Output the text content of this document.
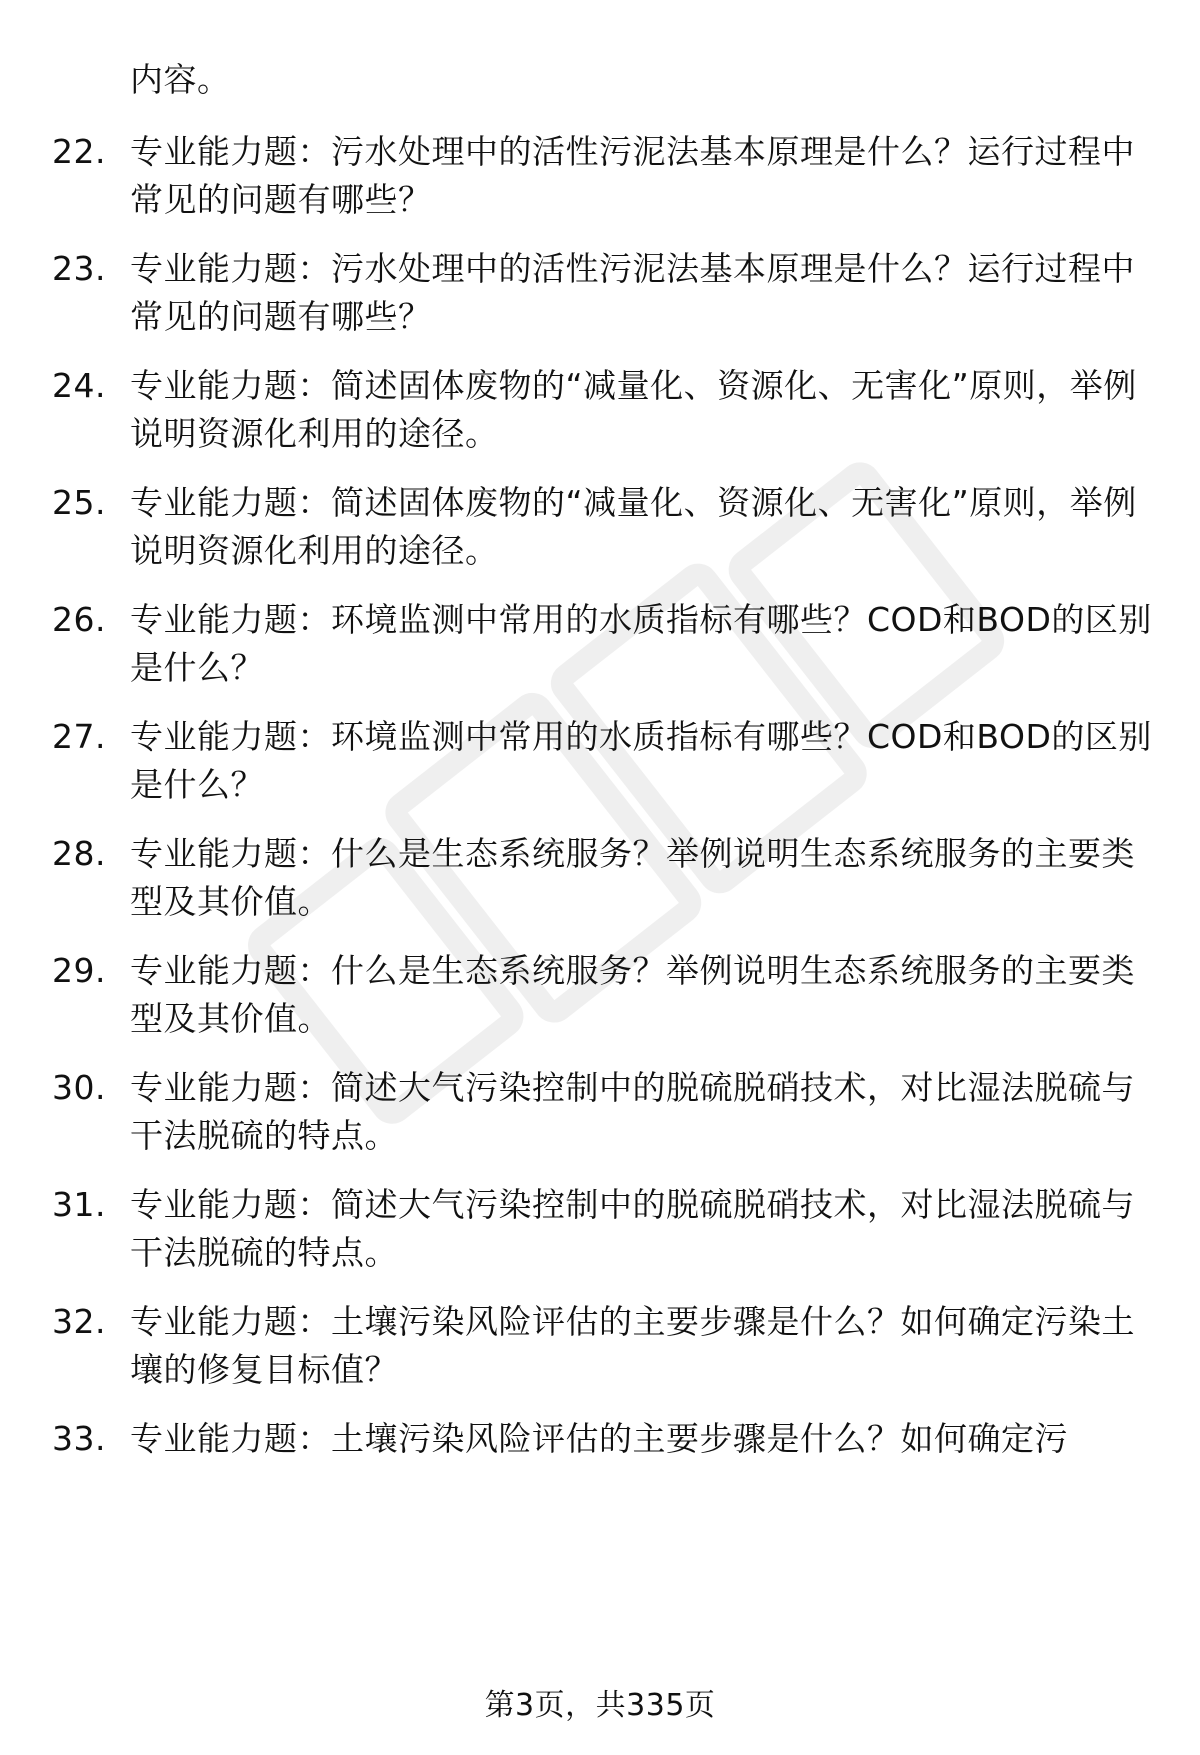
内容。
22. 专业能力题：污水处理中的活性污泥法基本原理是什么？运行过程中常见的问题有哪些？
23. 专业能力题：污水处理中的活性污泥法基本原理是什么？运行过程中常见的问题有哪些？
24. 专业能力题：简述固体废物的“减量化、资源化、无害化”原则，举例说明资源化利用的途径。
25. 专业能力题：简述固体废物的“减量化、资源化、无害化”原则，举例说明资源化利用的途径。
26. 专业能力题：环境监测中常用的水质指标有哪些？COD和BOD的区别是什么？
27. 专业能力题：环境监测中常用的水质指标有哪些？COD和BOD的区别是什么？
28. 专业能力题：什么是生态系统服务？举例说明生态系统服务的主要类型及其价值。
29. 专业能力题：什么是生态系统服务？举例说明生态系统服务的主要类型及其价值。
30. 专业能力题：简述大气污染控制中的脱硫脱硝技术，对比湿法脱硫与干法脱硫的特点。
31. 专业能力题：简述大气污染控制中的脱硫脱硝技术，对比湿法脱硫与干法脱硫的特点。
32. 专业能力题：土壤污染风险评估的主要步骤是什么？如何确定污染土壤的修复目标值？
33. 专业能力题：土壤污染风险评估的主要步骤是什么？如何确定污
第3页，共335页
